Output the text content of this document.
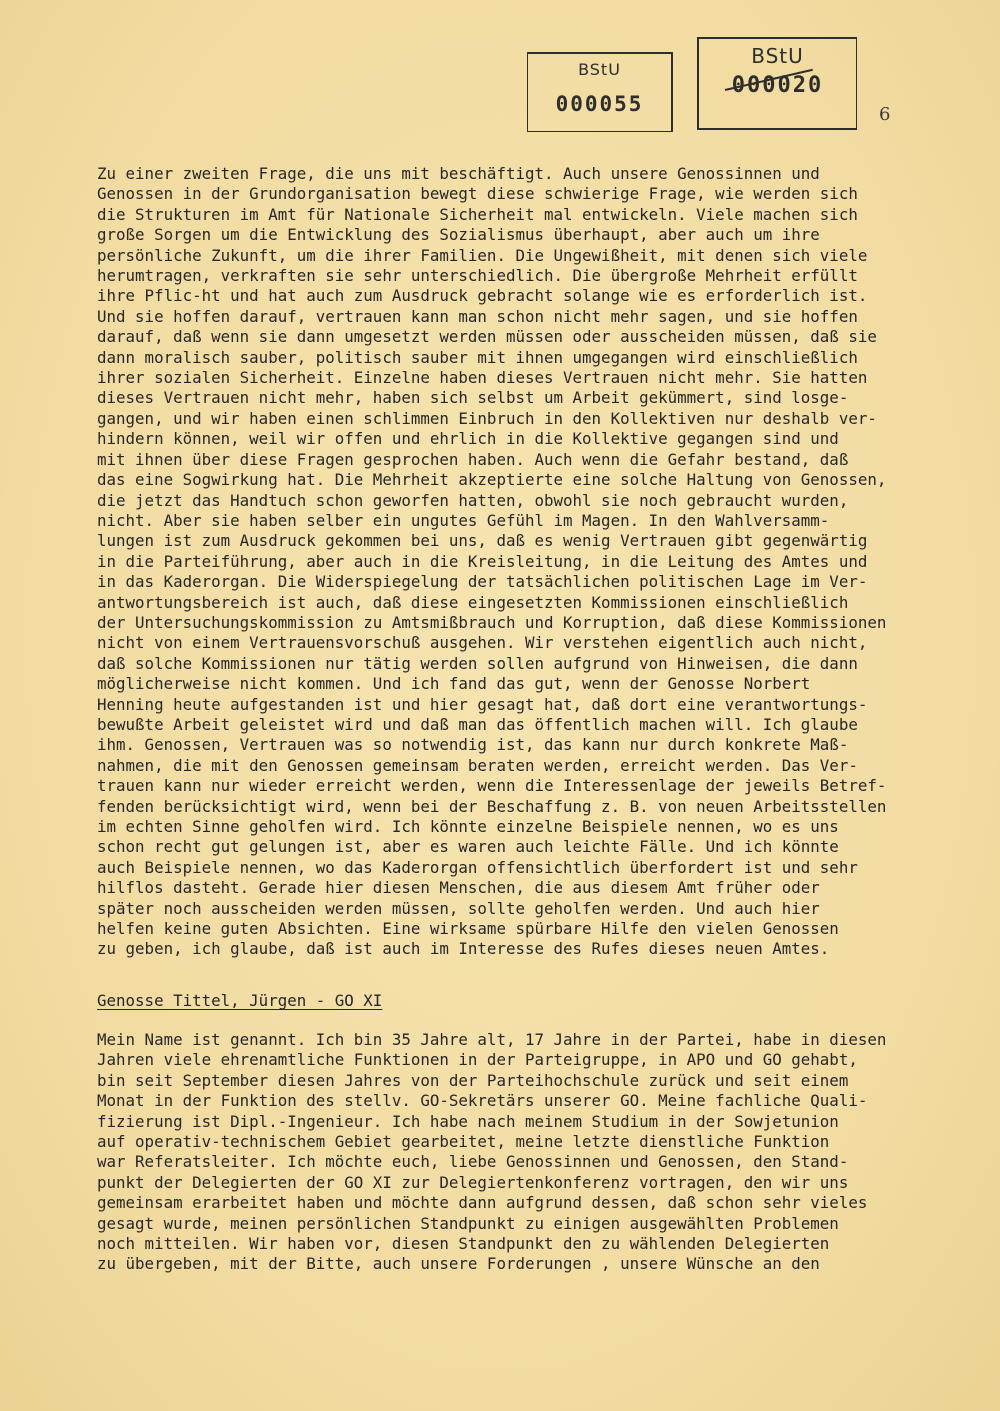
BStU
000055
BStU
000020
6
Zu einer zweiten Frage, die uns mit beschäftigt. Auch unsere Genossinnen und
Genossen in der Grundorganisation bewegt diese schwierige Frage, wie werden sich
die Strukturen im Amt für Nationale Sicherheit mal entwickeln. Viele machen sich
große Sorgen um die Entwicklung des Sozialismus überhaupt, aber auch um ihre
persönliche Zukunft, um die ihrer Familien. Die Ungewißheit, mit denen sich viele
herumtragen, verkraften sie sehr unterschiedlich. Die übergroße Mehrheit erfüllt
ihre Pflic-ht und hat auch zum Ausdruck gebracht solange wie es erforderlich ist.
Und sie hoffen darauf, vertrauen kann man schon nicht mehr sagen, und sie hoffen
darauf, daß wenn sie dann umgesetzt werden müssen oder ausscheiden müssen, daß sie
dann moralisch sauber, politisch sauber mit ihnen umgegangen wird einschließlich
ihrer sozialen Sicherheit. Einzelne haben dieses Vertrauen nicht mehr. Sie hatten
dieses Vertrauen nicht mehr, haben sich selbst um Arbeit gekümmert, sind losge-
gangen, und wir haben einen schlimmen Einbruch in den Kollektiven nur deshalb ver-
hindern können, weil wir offen und ehrlich in die Kollektive gegangen sind und
mit ihnen über diese Fragen gesprochen haben. Auch wenn die Gefahr bestand, daß
das eine Sogwirkung hat. Die Mehrheit akzeptierte eine solche Haltung von Genossen,
die jetzt das Handtuch schon geworfen hatten, obwohl sie noch gebraucht wurden,
nicht. Aber sie haben selber ein ungutes Gefühl im Magen. In den Wahlversamm-
lungen ist zum Ausdruck gekommen bei uns, daß es wenig Vertrauen gibt gegenwärtig
in die Parteiführung, aber auch in die Kreisleitung, in die Leitung des Amtes und
in das Kaderorgan. Die Widerspiegelung der tatsächlichen politischen Lage im Ver-
antwortungsbereich ist auch, daß diese eingesetzten Kommissionen einschließlich
der Untersuchungskommission zu Amtsmißbrauch und Korruption, daß diese Kommissionen
nicht von einem Vertrauensvorschuß ausgehen. Wir verstehen eigentlich auch nicht,
daß solche Kommissionen nur tätig werden sollen aufgrund von Hinweisen, die dann
möglicherweise nicht kommen. Und ich fand das gut, wenn der Genosse Norbert
Henning heute aufgestanden ist und hier gesagt hat, daß dort eine verantwortungs-
bewußte Arbeit geleistet wird und daß man das öffentlich machen will. Ich glaube
ihm. Genossen, Vertrauen was so notwendig ist, das kann nur durch konkrete Maß-
nahmen, die mit den Genossen gemeinsam beraten werden, erreicht werden. Das Ver-
trauen kann nur wieder erreicht werden, wenn die Interessenlage der jeweils Betref-
fenden berücksichtigt wird, wenn bei der Beschaffung z. B. von neuen Arbeitsstellen
im echten Sinne geholfen wird. Ich könnte einzelne Beispiele nennen, wo es uns
schon recht gut gelungen ist, aber es waren auch leichte Fälle. Und ich könnte
auch Beispiele nennen, wo das Kaderorgan offensichtlich überfordert ist und sehr
hilflos dasteht. Gerade hier diesen Menschen, die aus diesem Amt früher oder
später noch ausscheiden werden müssen, sollte geholfen werden. Und auch hier
helfen keine guten Absichten. Eine wirksame spürbare Hilfe den vielen Genossen
zu geben, ich glaube, daß ist auch im Interesse des Rufes dieses neuen Amtes.
Genosse Tittel, Jürgen - GO XI
Mein Name ist genannt. Ich bin 35 Jahre alt, 17 Jahre in der Partei, habe in diesen
Jahren viele ehrenamtliche Funktionen in der Parteigruppe, in APO und GO gehabt,
bin seit September diesen Jahres von der Parteihochschule zurück und seit einem
Monat in der Funktion des stellv. GO-Sekretärs unserer GO. Meine fachliche Quali-
fizierung ist Dipl.-Ingenieur. Ich habe nach meinem Studium in der Sowjetunion
auf operativ-technischem Gebiet gearbeitet, meine letzte dienstliche Funktion
war Referatsleiter. Ich möchte euch, liebe Genossinnen und Genossen, den Stand-
punkt der Delegierten der GO XI zur Delegiertenkonferenz vortragen, den wir uns
gemeinsam erarbeitet haben und möchte dann aufgrund dessen, daß schon sehr vieles
gesagt wurde, meinen persönlichen Standpunkt zu einigen ausgewählten Problemen
noch mitteilen. Wir haben vor, diesen Standpunkt den zu wählenden Delegierten
zu übergeben, mit der Bitte, auch unsere Forderungen , unsere Wünsche an den
